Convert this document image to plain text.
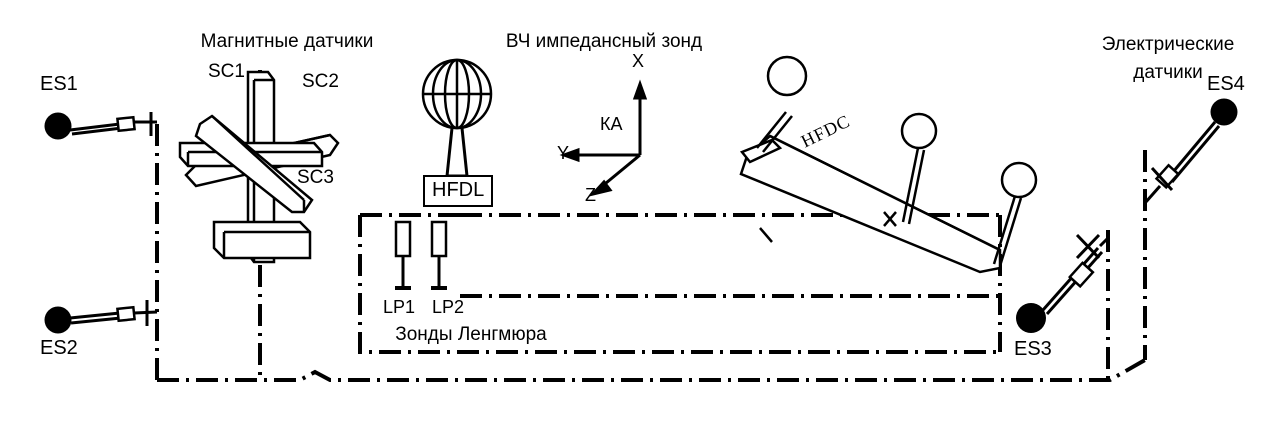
Магнитные датчики	ВЧ импедансный зонд	Электрические
датчики
Зонды Ленгмюра
ES1
ES2	ES3
ES4
SC1	SC2
SC3
LP1 LP2
HFDL
HFDC
КА
X
Y
Z
